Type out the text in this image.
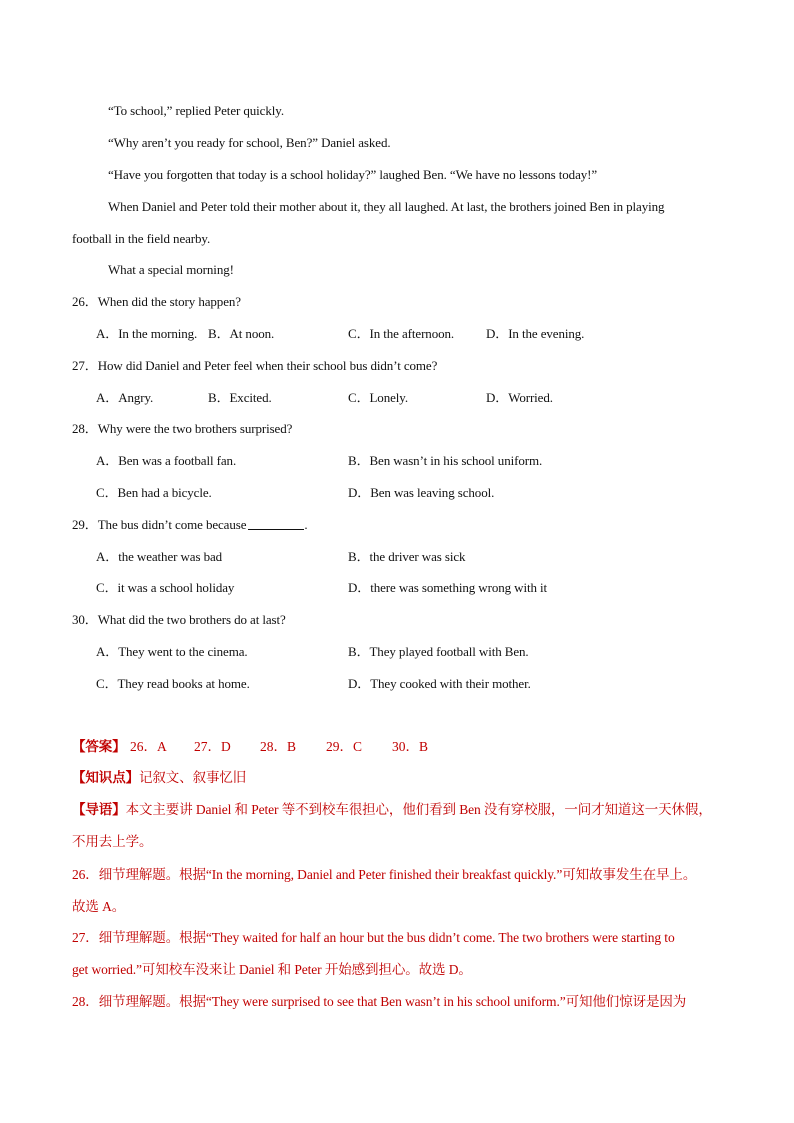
“To school,” replied Peter quickly.
“Why aren’t you ready for school, Ben?” Daniel asked.
“Have you forgotten that today is a school holiday?” laughed Ben. “We have no lessons today!”
When Daniel and Peter told their mother about it, they all laughed. At last, the brothers joined Ben in playing
football in the field nearby.
What a special morning!
26．When did the story happen?
A．In the morning. B．At noon.	C．In the afternoon. D．In the evening.
27．How did Daniel and Peter feel when their school bus didn’t come?
A．Angry.	B．Excited.	C．Lonely.	D．Worried.
28．Why were the two brothers surprised?
A．Ben was a football fan.	B．Ben wasn’t in his school uniform.
C．Ben had a bicycle.	D．Ben was leaving school.
29．The bus didn’t come because	.
A．the weather was bad	B．the driver was sick
C．it was a school holiday	D．there was something wrong with it
30．What did the two brothers do at last?
A．They went to the cinema.	B．They played football with Ben.
C．They read books at home.	D．They cooked with their mother.
【答案】 26．A 27．D 28．B 29．C 30．B
【知识点】记叙文、叙事忆旧
【导语】本文主要讲 Daniel 和 Peter 等不到校车很担心，他们看到 Ben 没有穿校服，一问才知道这一天休假，
不用去上学。
26．细节理解题。根据“In the morning, Daniel and Peter finished their breakfast quickly.”可知故事发生在早上。
故选 A。
27．细节理解题。根据“They waited for half an hour but the bus didn’t come. The two brothers were starting to
get worried.”可知校车没来让 Daniel 和 Peter 开始感到担心。故选 D。
28．细节理解题。根据“They were surprised to see that Ben wasn’t in his school uniform.”可知他们惊讶是因为
